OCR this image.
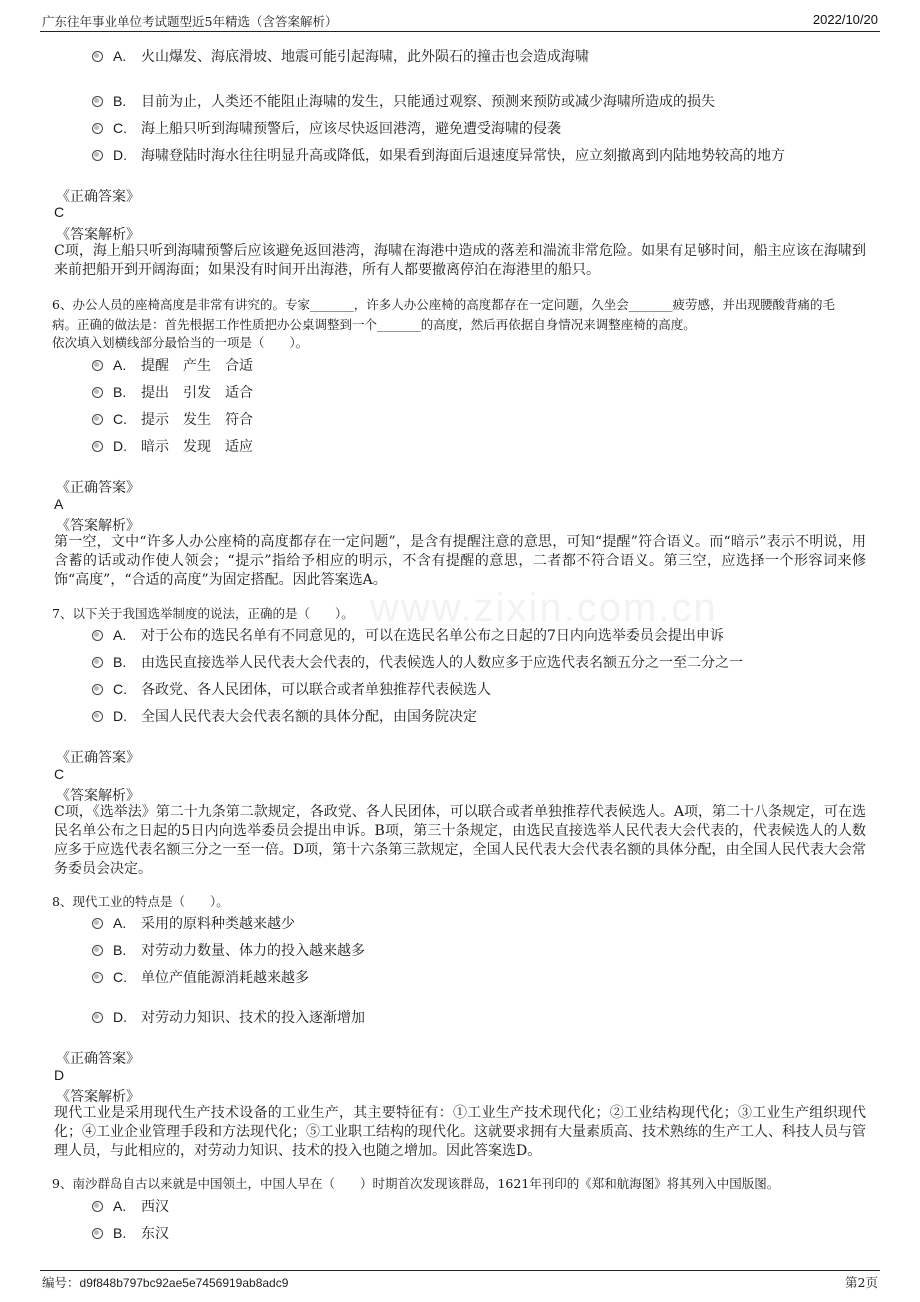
广东往年事业单位考试题型近5年精选（含答案解析）	2022/10/20
www.zixin.com.cn
A. 火山爆发、海底滑坡、地震可能引起海啸，此外陨石的撞击也会造成海啸
B. 目前为止，人类还不能阻止海啸的发生，只能通过观察、预测来预防或减少海啸所造成的损失
C. 海上船只听到海啸预警后，应该尽快返回港湾，避免遭受海啸的侵袭
D. 海啸登陆时海水往往明显升高或降低，如果看到海面后退速度异常快，应立刻撤离到内陆地势较高的地方
《正确答案》
C
《答案解析》
C项，海上船只听到海啸预警后应该避免返回港湾，海啸在海港中造成的落差和湍流非常危险。如果有足够时间，船主应该在海啸到来前把船开到开阔海面；如果没有时间开出海港，所有人都要撤离停泊在海港里的船只。
6、办公人员的座椅高度是非常有讲究的。专家_______，许多人办公座椅的高度都存在一定问题，久坐会_______疲劳感，并出现腰酸背痛的毛
病。正确的做法是：首先根据工作性质把办公桌调整到一个_______的高度，然后再依据自身情况来调整座椅的高度。
依次填入划横线部分最恰当的一项是（　　）。
A. 提醒　产生　合适
B. 提出　引发　适合
C. 提示　发生　符合
D. 暗示　发现　适应
《正确答案》
A
《答案解析》
第一空，文中“许多人办公座椅的高度都存在一定问题”，是含有提醒注意的意思，可知“提醒”符合语义。而“暗示”表示不明说，用含蓄的话或动作使人领会；“提示”指给予相应的明示，不含有提醒的意思，二者都不符合语义。第三空，应选择一个形容词来修饰“高度”，“合适的高度”为固定搭配。因此答案选A。
7、以下关于我国选举制度的说法，正确的是（　　）。
A. 对于公布的选民名单有不同意见的，可以在选民名单公布之日起的7日内向选举委员会提出申诉
B. 由选民直接选举人民代表大会代表的，代表候选人的人数应多于应选代表名额五分之一至二分之一
C. 各政党、各人民团体，可以联合或者单独推荐代表候选人
D. 全国人民代表大会代表名额的具体分配，由国务院决定
《正确答案》
C
《答案解析》
C项，《选举法》第二十九条第二款规定，各政党、各人民团体，可以联合或者单独推荐代表候选人。A项，第二十八条规定，可在选民名单公布之日起的5日内向选举委员会提出申诉。B项，第三十条规定，由选民直接选举人民代表大会代表的，代表候选人的人数应多于应选代表名额三分之一至一倍。D项，第十六条第三款规定，全国人民代表大会代表名额的具体分配，由全国人民代表大会常务委员会决定。
8、现代工业的特点是（　　）。
A. 采用的原料种类越来越少
B. 对劳动力数量、体力的投入越来越多
C. 单位产值能源消耗越来越多
D. 对劳动力知识、技术的投入逐渐增加
《正确答案》
D
《答案解析》
现代工业是采用现代生产技术设备的工业生产，其主要特征有：①工业生产技术现代化；②工业结构现代化；③工业生产组织现代化；④工业企业管理手段和方法现代化；⑤工业职工结构的现代化。这就要求拥有大量素质高、技术熟练的生产工人、科技人员与管理人员，与此相应的，对劳动力知识、技术的投入也随之增加。因此答案选D。
9、南沙群岛自古以来就是中国领土，中国人早在（　　）时期首次发现该群岛，1621年刊印的《郑和航海图》将其列入中国版图。
A. 西汉
B. 东汉
编号：d9f848b797bc92ae5e7456919ab8adc9	第2页
